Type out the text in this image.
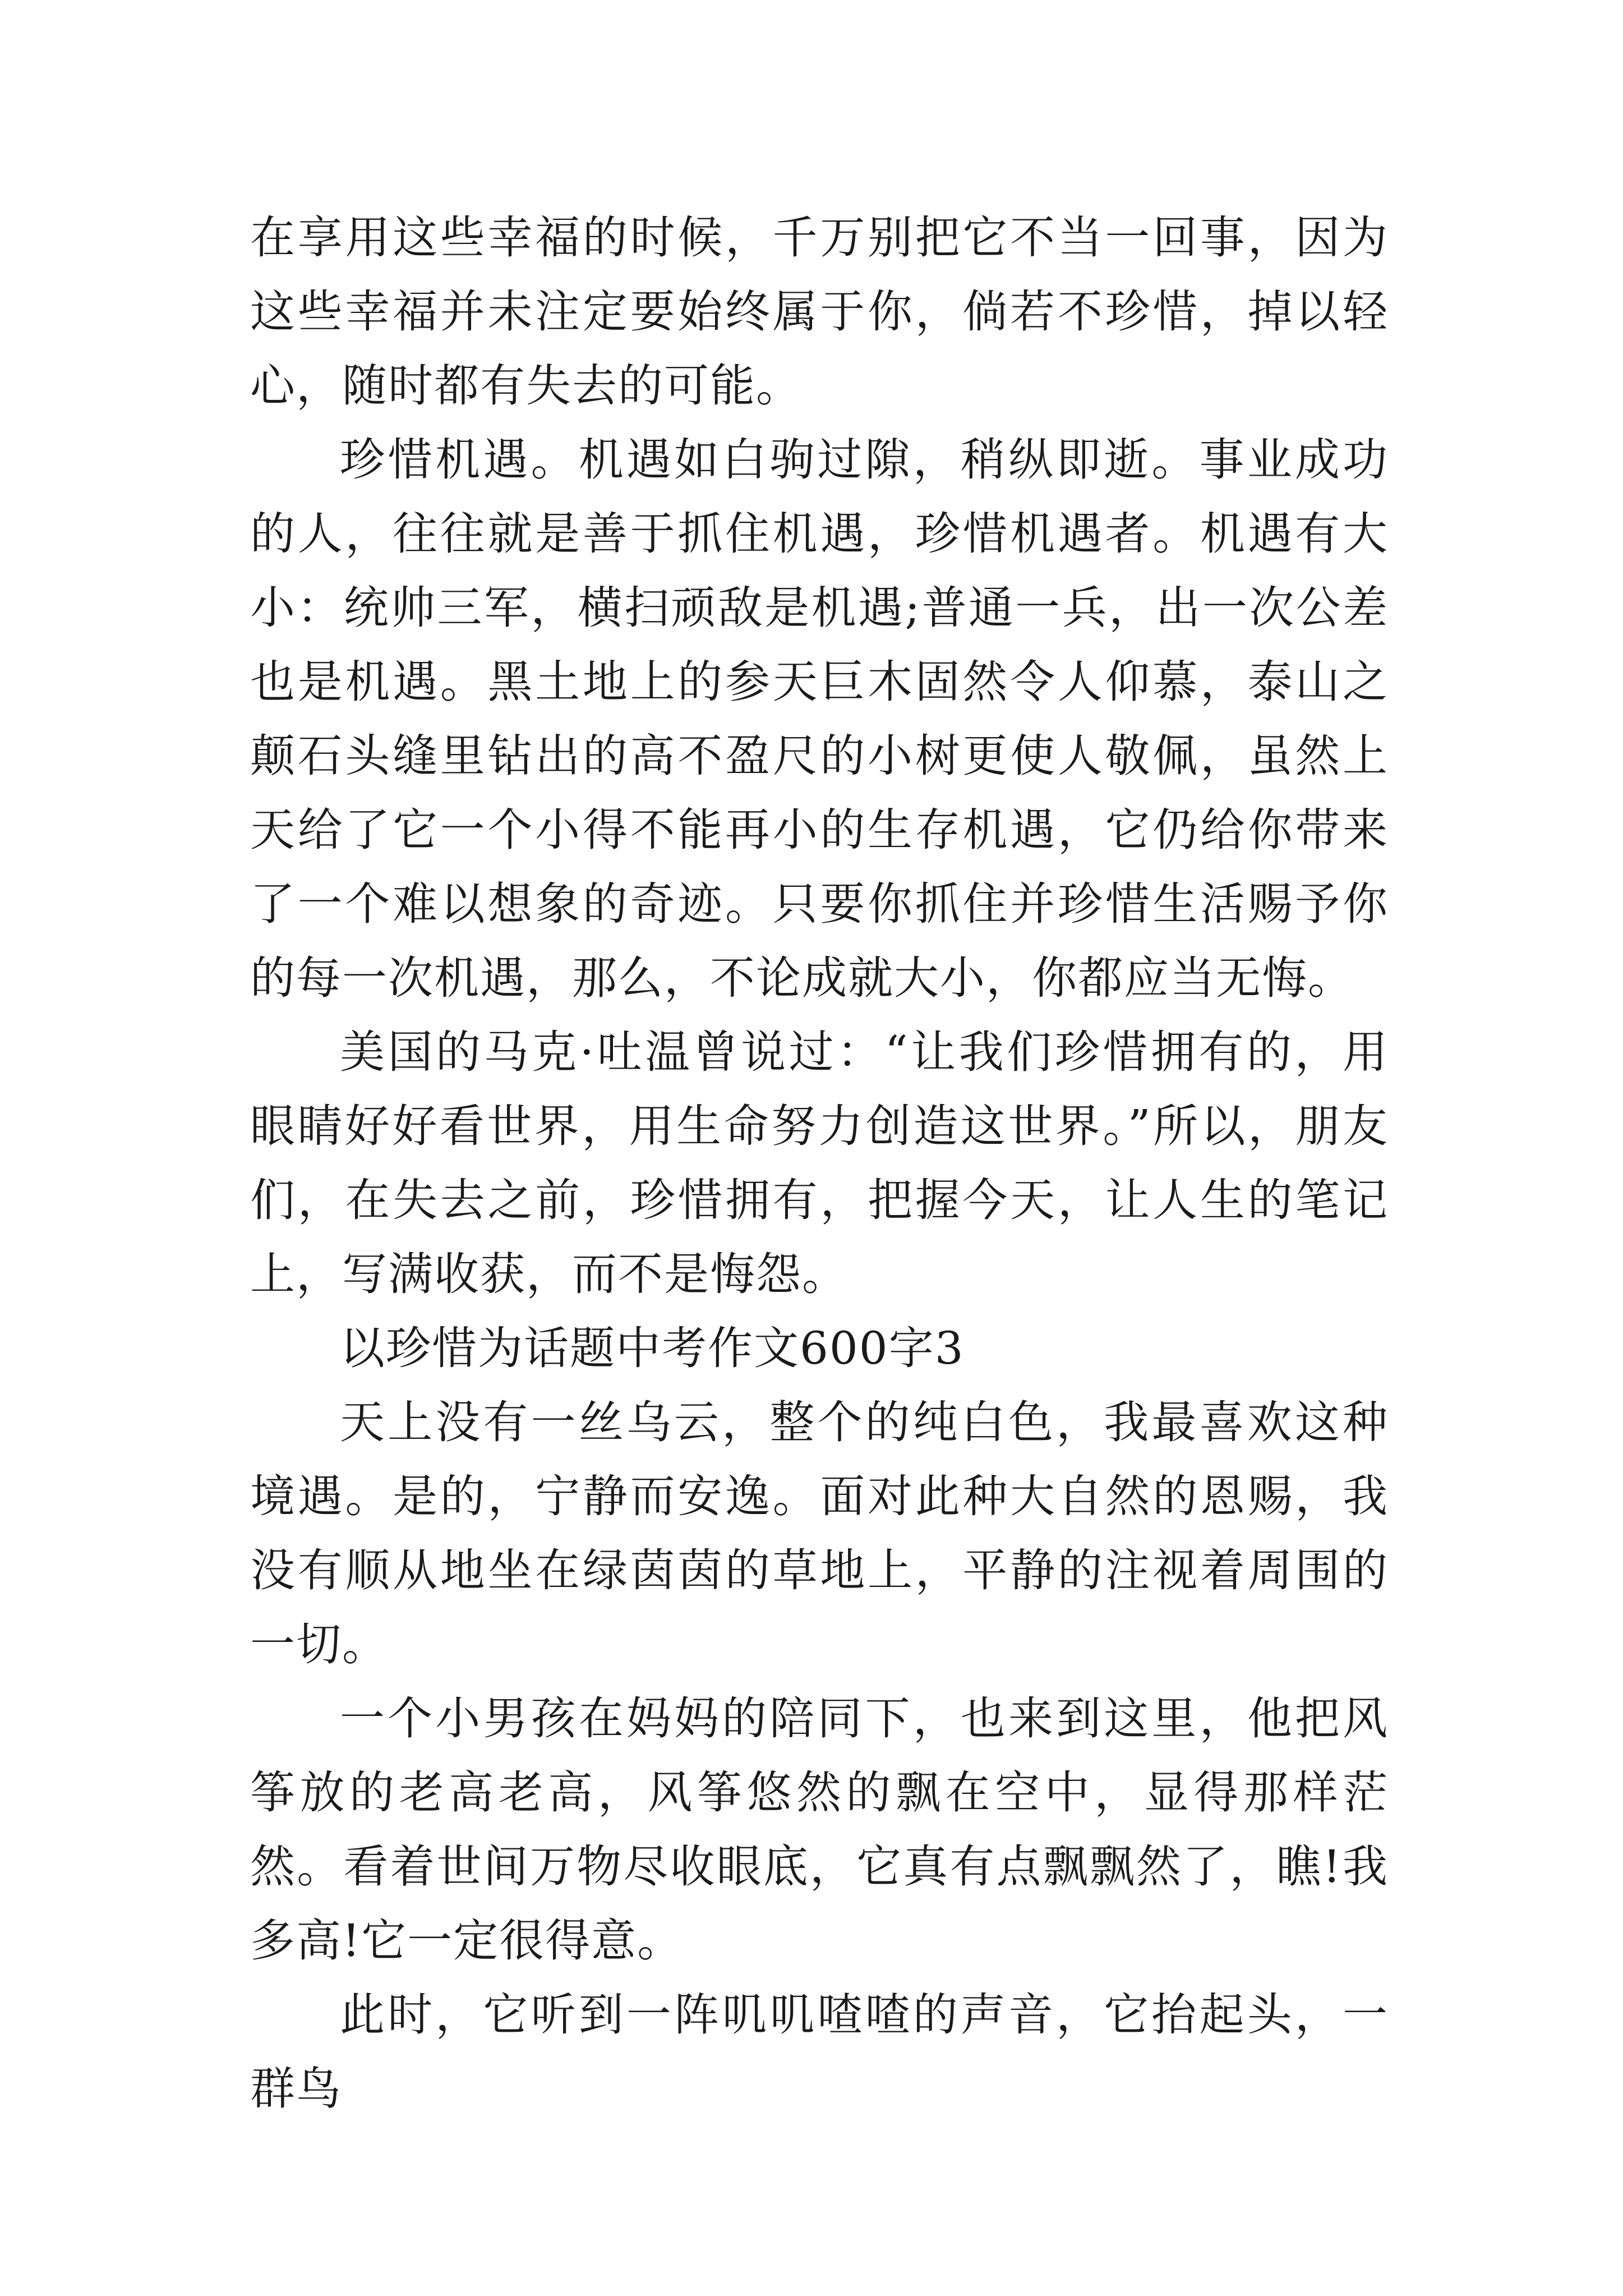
在享用这些幸福的时候，千万别把它不当一回事，因为这些幸福并未注定要始终属于你，倘若不珍惜，掉以轻心，随时都有失去的可能。

珍惜机遇。机遇如白驹过隙，稍纵即逝。事业成功的人，往往就是善于抓住机遇，珍惜机遇者。机遇有大小：统帅三军，横扫顽敌是机遇;普通一兵，出一次公差也是机遇。黑土地上的参天巨木固然令人仰慕，泰山之颠石头缝里钻出的高不盈尺的小树更使人敬佩，虽然上天给了它一个小得不能再小的生存机遇，它仍给你带来了一个难以想象的奇迹。只要你抓住并珍惜生活赐予你的每一次机遇，那么，不论成就大小，你都应当无悔。

美国的马克·吐温曾说过：“让我们珍惜拥有的，用眼睛好好看世界，用生命努力创造这世界。”所以，朋友们，在失去之前，珍惜拥有，把握今天，让人生的笔记上，写满收获，而不是悔怨。

以珍惜为话题中考作文600字3

天上没有一丝乌云，整个的纯白色，我最喜欢这种境遇。是的，宁静而安逸。面对此种大自然的恩赐，我没有顺从地坐在绿茵茵的草地上，平静的注视着周围的一切。

一个小男孩在妈妈的陪同下，也来到这里，他把风筝放的老高老高，风筝悠然的飘在空中，显得那样茫然。看着世间万物尽收眼底，它真有点飘飘然了，瞧!我多高!它一定很得意。

此时，它听到一阵叽叽喳喳的声音，它抬起头，一群鸟
